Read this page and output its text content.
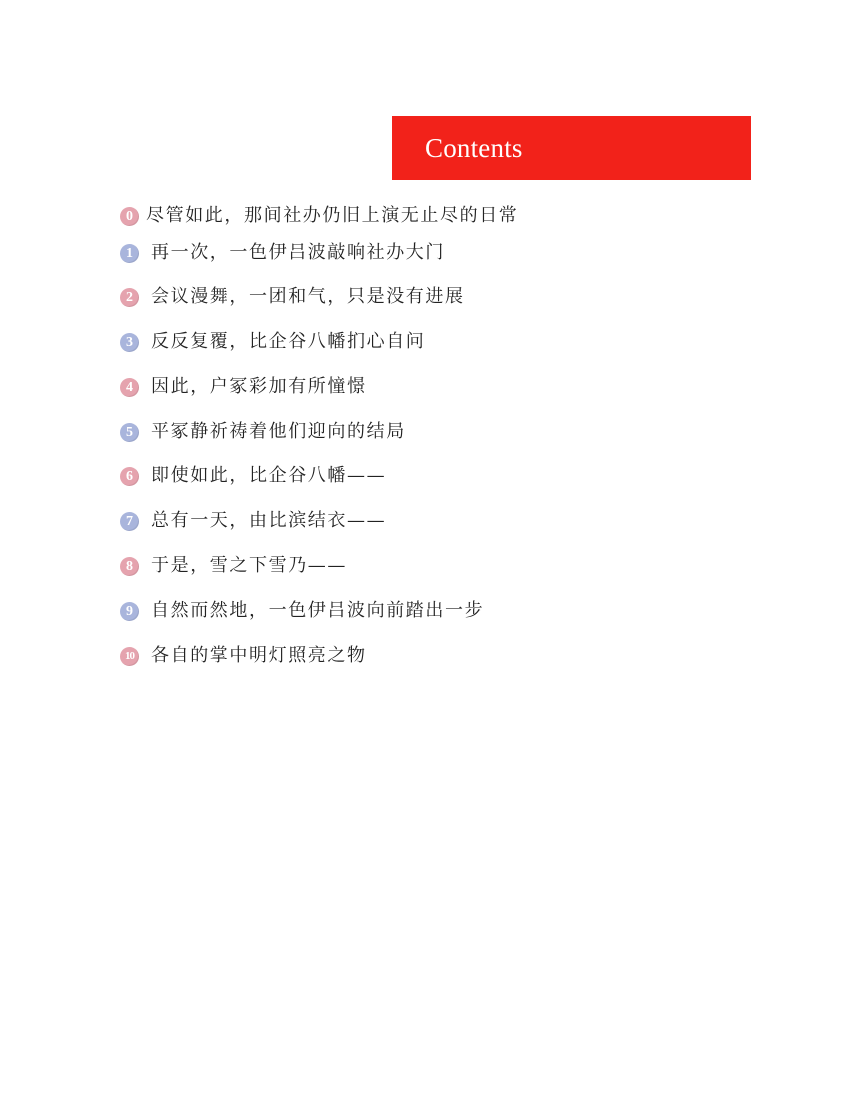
Contents
0 尽管如此，那间社办仍旧上演无止尽的日常
1	再一次，一色伊吕波敲响社办大门
2	会议漫舞，一团和气，只是没有进展
3	反反复覆，比企谷八幡扪心自问
4	因此，户冢彩加有所憧憬
5	平冢静祈祷着他们迎向的结局
6	即使如此，比企谷八幡——
7	总有一天，由比滨结衣——
8	于是，雪之下雪乃——
9	自然而然地，一色伊吕波向前踏出一步
10 各自的掌中明灯照亮之物
